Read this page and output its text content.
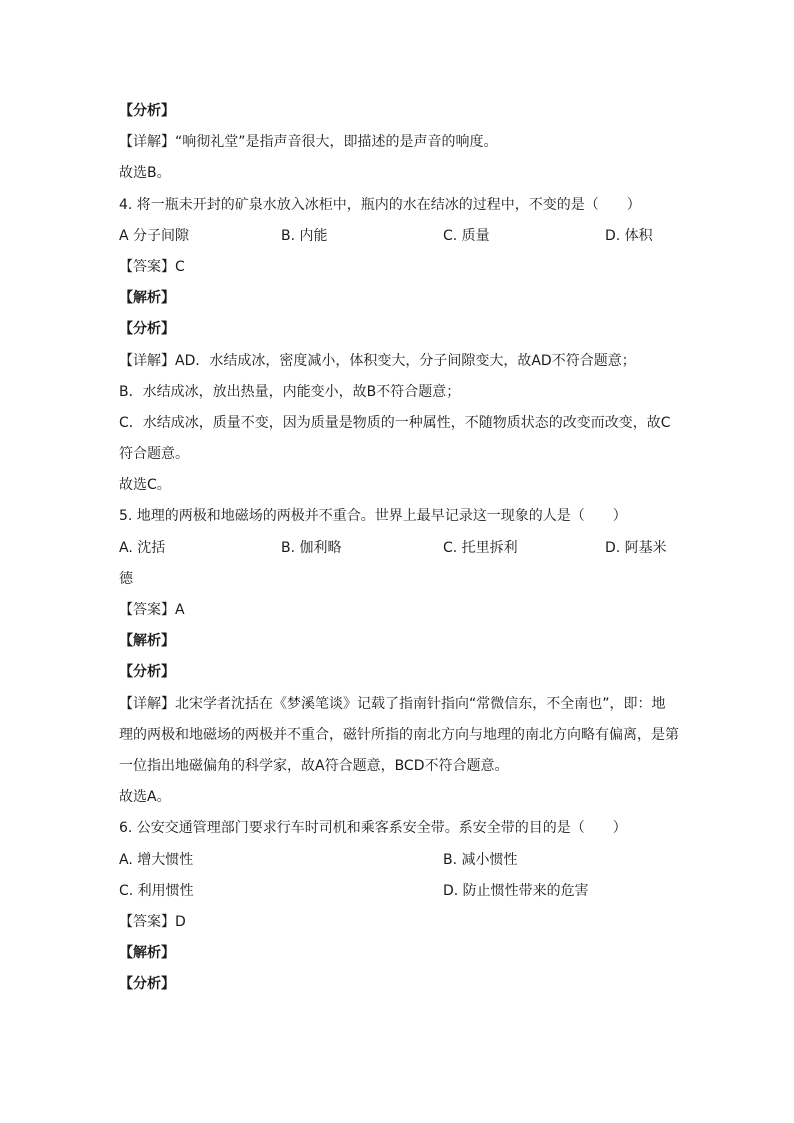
【分析】
【详解】“响彻礼堂”是指声音很大，即描述的是声音的响度。
故选B。
4. 将一瓶未开封的矿泉水放入冰柜中，瓶内的水在结冰的过程中，不变的是（　　）
A 分子间隙	B. 内能	C. 质量	D. 体积
【答案】C
【解析】
【分析】
【详解】AD．水结成冰，密度减小，体积变大，分子间隙变大，故AD不符合题意；
B．水结成冰，放出热量，内能变小，故B不符合题意；
C．水结成冰，质量不变，因为质量是物质的一种属性，不随物质状态的改变而改变，故C
符合题意。
故选C。
5. 地理的两极和地磁场的两极并不重合。世界上最早记录这一现象的人是（　　）
A. 沈括	B. 伽利略	C. 托里拆利	D. 阿基米
德
【答案】A
【解析】
【分析】
【详解】北宋学者沈括在《梦溪笔谈》记载了指南针指向“常微信东，不全南也”，即：地
理的两极和地磁场的两极并不重合，磁针所指的南北方向与地理的南北方向略有偏离，是第
一位指出地磁偏角的科学家，故A符合题意，BCD不符合题意。
故选A。
6. 公安交通管理部门要求行车时司机和乘客系安全带。系安全带的目的是（　　）
A. 增大惯性	B. 减小惯性
C. 利用惯性	D. 防止惯性带来的危害
【答案】D
【解析】
【分析】
